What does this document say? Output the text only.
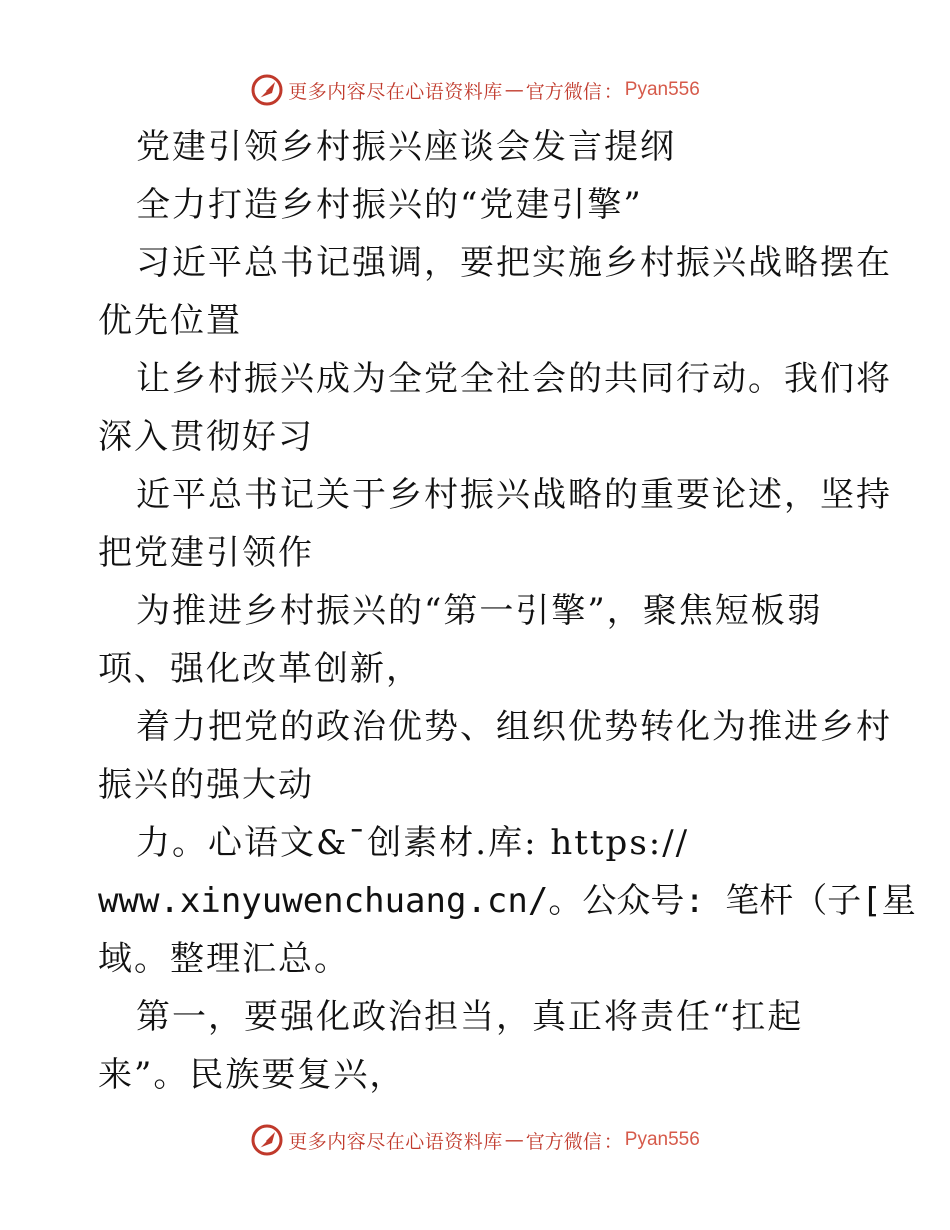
更多内容尽在心语资料库 — 官方微信 ： Pyan556
党建引领乡村振兴座谈会发言提纲
全力打造乡村振兴的“党建引擎”
习近平总书记强调，要把实施乡村振兴战略摆在
优先位置
让乡村振兴成为全党全社会的共同行动。我们将
深入贯彻好习
近平总书记关于乡村振兴战略的重要论述，坚持
把党建引领作
为推进乡村振兴的“第一引擎”，聚焦短板弱
项、强化改革创新，
着力把党的政治优势、组织优势转化为推进乡村
振兴的强大动
力。心语文&¯创素材.库: https://
www.xinyuwenchuang.cn/。公众号: 笔杆（子[星
域。整理汇总。
第一，要强化政治担当，真正将责任“扛起
来”。民族要复兴，
更多内容尽在心语资料库 — 官方微信 ： Pyan556
